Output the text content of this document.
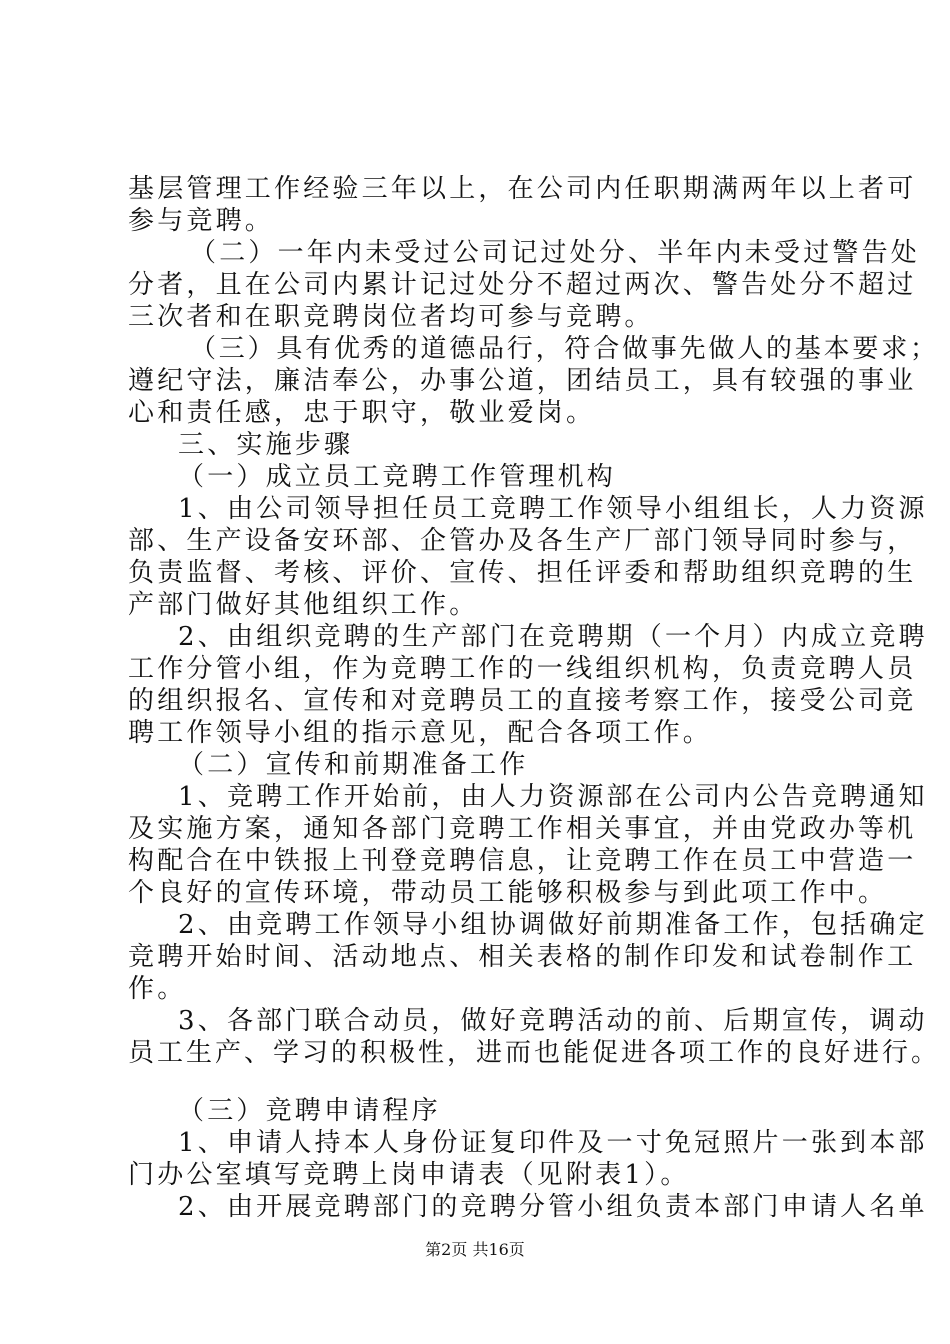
基层管理工作经验三年以上，在公司内任职期满两年以上者可
参与竞聘。
（二）一年内未受过公司记过处分、半年内未受过警告处
分者，且在公司内累计记过处分不超过两次、警告处分不超过
三次者和在职竞聘岗位者均可参与竞聘。
（三）具有优秀的道德品行，符合做事先做人的基本要求；
遵纪守法，廉洁奉公，办事公道，团结员工，具有较强的事业
心和责任感，忠于职守，敬业爱岗。
三、实施步骤
（一）成立员工竞聘工作管理机构
1、由公司领导担任员工竞聘工作领导小组组长，人力资源
部、生产设备安环部、企管办及各生产厂部门领导同时参与，
负责监督、考核、评价、宣传、担任评委和帮助组织竞聘的生
产部门做好其他组织工作。
2、由组织竞聘的生产部门在竞聘期（一个月）内成立竞聘
工作分管小组，作为竞聘工作的一线组织机构，负责竞聘人员
的组织报名、宣传和对竞聘员工的直接考察工作，接受公司竞
聘工作领导小组的指示意见，配合各项工作。
（二）宣传和前期准备工作
1、竞聘工作开始前，由人力资源部在公司内公告竞聘通知
及实施方案，通知各部门竞聘工作相关事宜，并由党政办等机
构配合在中铁报上刊登竞聘信息，让竞聘工作在员工中营造一
个良好的宣传环境，带动员工能够积极参与到此项工作中。
2、由竞聘工作领导小组协调做好前期准备工作，包括确定
竞聘开始时间、活动地点、相关表格的制作印发和试卷制作工
作。
3、各部门联合动员，做好竞聘活动的前、后期宣传，调动
员工生产、学习的积极性，进而也能促进各项工作的良好进行。
（三）竞聘申请程序
1、申请人持本人身份证复印件及一寸免冠照片一张到本部
门办公室填写竞聘上岗申请表（见附表1）。
2、由开展竞聘部门的竞聘分管小组负责本部门申请人名单
第2页 共16页
